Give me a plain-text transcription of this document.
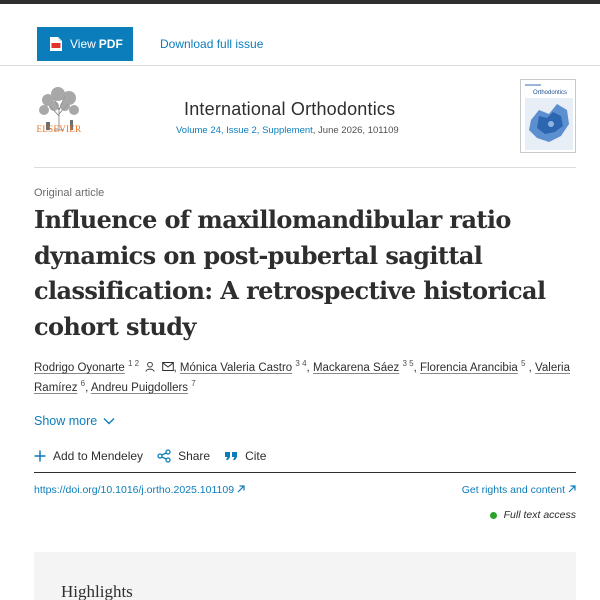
View PDF	Download full issue
ELSEVIER
International Orthodontics
Volume 24, Issue 2, Supplement, June 2026, 101109
Orthodontics
Original article
Influence of maxillomandibular ratio dynamics on post-pubertal sagittal classification: A retrospective historical cohort study
Rodrigo Oyonarte $^{1 2}$	, Mónica Valeria Castro $^{3 4}$, Mackarena Sáez $^{3 5}$, Florencia Arancibia $^5$ , Valeria Ramírez $^6$, Andreu Puigdollers $^7$
Show more
Add to Mendeley	Share	Cite
https://doi.org/10.1016/j.ortho.2025.101109	Get rights and content
Full text access
Highlights
